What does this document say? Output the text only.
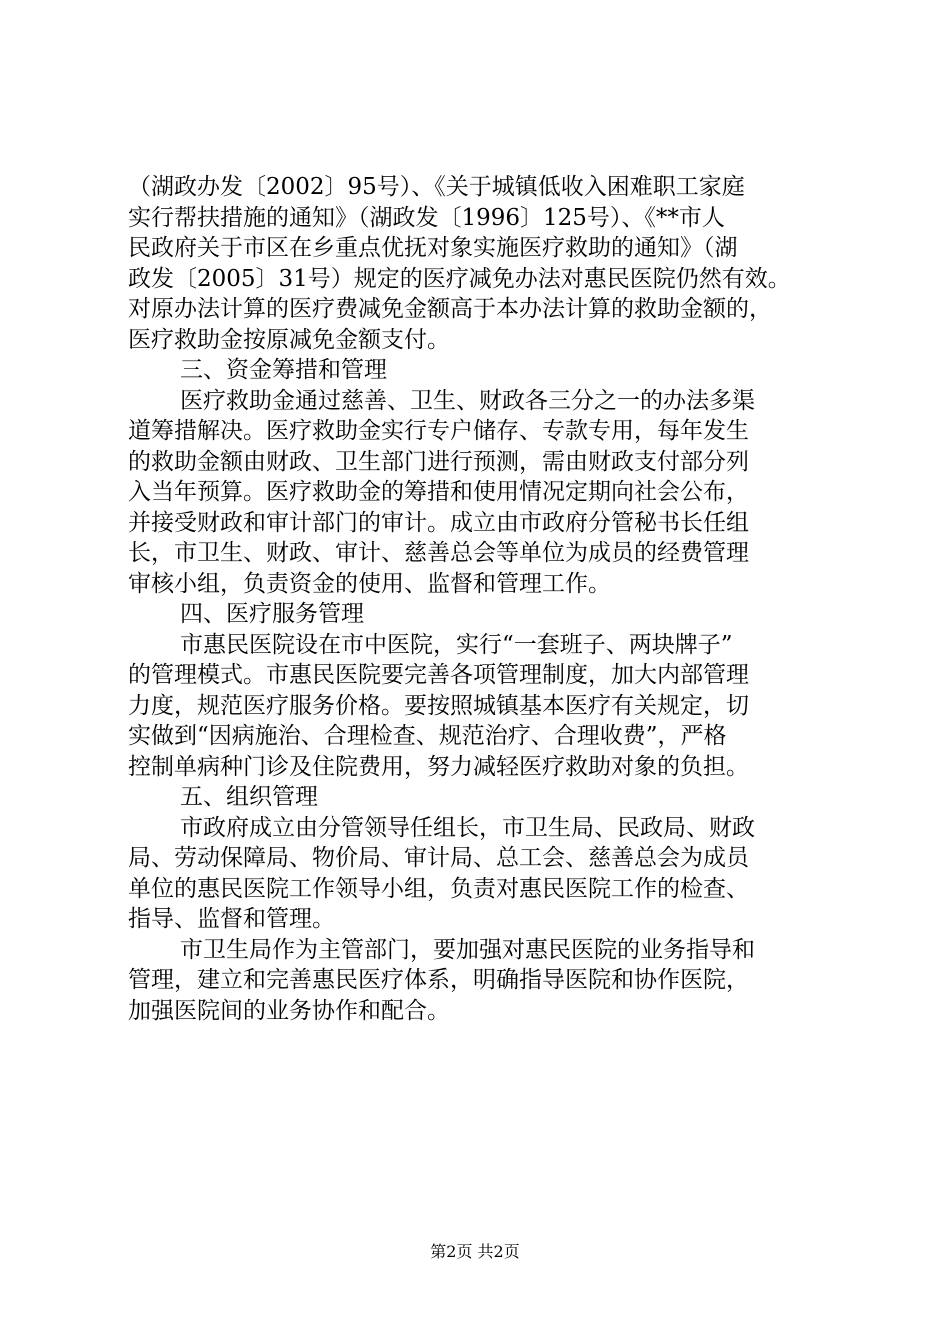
（湖政办发〔2002〕95号）、《关于城镇低收入困难职工家庭
实行帮扶措施的通知》（湖政发〔1996〕125号）、《**市人
民政府关于市区在乡重点优抚对象实施医疗救助的通知》（湖
政发〔2005〕31号）规定的医疗减免办法对惠民医院仍然有效。
对原办法计算的医疗费减免金额高于本办法计算的救助金额的，
医疗救助金按原减免金额支付。
三、资金筹措和管理
医疗救助金通过慈善、卫生、财政各三分之一的办法多渠
道筹措解决。医疗救助金实行专户储存、专款专用，每年发生
的救助金额由财政、卫生部门进行预测，需由财政支付部分列
入当年预算。医疗救助金的筹措和使用情况定期向社会公布，
并接受财政和审计部门的审计。成立由市政府分管秘书长任组
长，市卫生、财政、审计、慈善总会等单位为成员的经费管理
审核小组，负责资金的使用、监督和管理工作。
四、医疗服务管理
市惠民医院设在市中医院，实行“一套班子、两块牌子”
的管理模式。市惠民医院要完善各项管理制度，加大内部管理
力度，规范医疗服务价格。要按照城镇基本医疗有关规定，切
实做到“因病施治、合理检查、规范治疗、合理收费”，严格
控制单病种门诊及住院费用，努力减轻医疗救助对象的负担。
五、组织管理
市政府成立由分管领导任组长，市卫生局、民政局、财政
局、劳动保障局、物价局、审计局、总工会、慈善总会为成员
单位的惠民医院工作领导小组，负责对惠民医院工作的检查、
指导、监督和管理。
市卫生局作为主管部门，要加强对惠民医院的业务指导和
管理，建立和完善惠民医疗体系，明确指导医院和协作医院，
加强医院间的业务协作和配合。
第2页 共2页
